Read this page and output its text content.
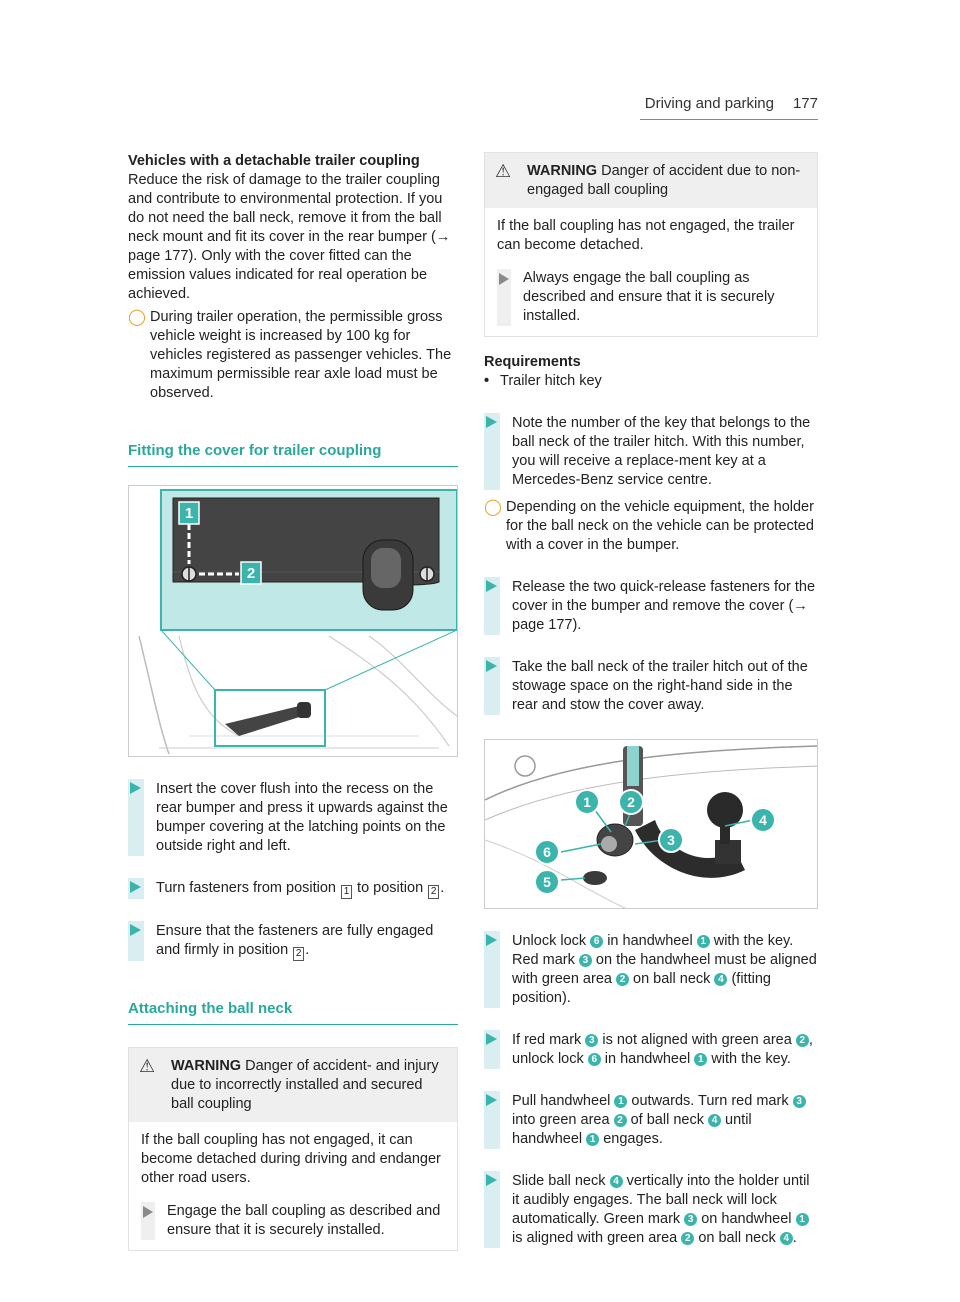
Driving and parking 177
Vehicles with a detachable trailer coupling

Reduce the risk of damage to the trailer coupling and contribute to environmental protection. If you do not need the ball neck, remove it from the ball neck mount and fit its cover in the rear bumper (→ page 177). Only with the cover fitted can the emission values indicated for real operation be achieved.

◯ During trailer operation, the permissible gross vehicle weight is increased by 100 kg for vehicles registered as passenger vehicles. The maximum permissible rear axle load must be observed.
Fitting the cover for trailer coupling
1
2
Insert the cover flush into the recess on the rear bumper and press it upwards against the bumper covering at the latching points on the outside right and left.
Turn fasteners from position 1 to position 2 .
Ensure that the fasteners are fully engaged and firmly in position 2 .
Attaching the ball neck
⚠	WARNING Danger of accident- and injury due to incorrectly installed and secured ball coupling
If the ball coupling has not engaged, it can become detached during driving and endanger other road users.
Engage the ball coupling as described and ensure that it is securely installed.
⚠	WARNING Danger of accident due to non-engaged ball coupling
If the ball coupling has not engaged, the trailer can become detached.
Always engage the ball coupling as described and ensure that it is securely installed.
Requirements
• Trailer hitch key
Note the number of the key that belongs to the ball neck of the trailer hitch. With this number, you will receive a replace-ment key at a Mercedes-Benz service centre.
◯ Depending on the vehicle equipment, the holder for the ball neck on the vehicle can be protected with a cover in the bumper.
Release the two quick-release fasteners for the cover in the bumper and remove the cover (→ page 177).
Take the ball neck of the trailer hitch out of the stowage space on the right-hand side in the rear and stow the cover away.
1	2
3
4
5
6
Unlock lock 6 in handwheel 1 with the key. Red mark 3 on the handwheel must be aligned with green area 2 on ball neck 4 (fitting position).
If red mark 3 is not aligned with green area 2 , unlock lock 6 in handwheel 1 with the key.
Pull handwheel 1 outwards. Turn red mark 3 into green area 2 of ball neck 4 until handwheel 1 engages.
Slide ball neck 4 vertically into the holder until it audibly engages. The ball neck will lock automatically. Green mark 3 on handwheel 1 is aligned with green area 2 on ball neck 4 .
